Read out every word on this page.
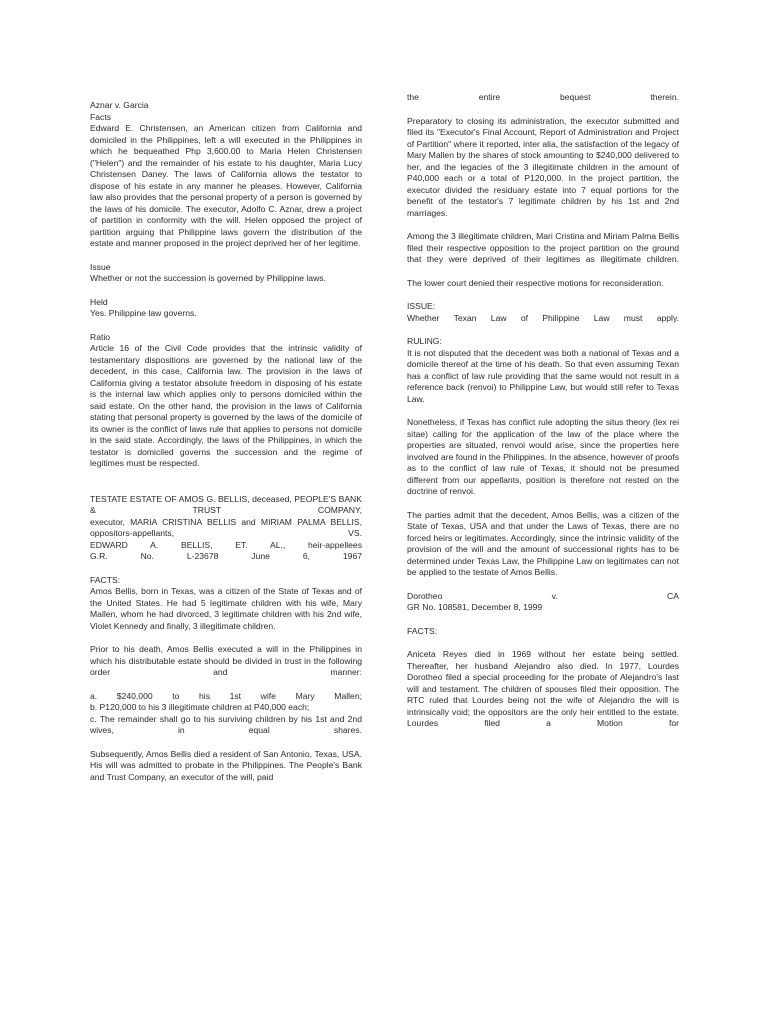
Aznar v. Garcia

Facts

Edward E. Christensen, an American citizen from California and domiciled in the Philippines, left a will executed in the Philippines in which he bequeathed Php 3,600.00 to Maria Helen Christensen ("Helen") and the remainder of his estate to his daughter, Maria Lucy Christensen Daney. The laws of California allows the testator to dispose of his estate in any manner he pleases. However, California law also provides that the personal property of a person is governed by the laws of his domicile. The executor, Adolfo C. Aznar, drew a project of partition in conformity with the will. Helen opposed the project of partition arguing that Philippine laws govern the distribution of the estate and manner proposed in the project deprived her of her legitime.

Issue

Whether or not the succession is governed by Philippine laws.

Held

Yes. Philippine law governs.

Ratio

Article 16 of the Civil Code provides that the intrinsic validity of testamentary dispositions are governed by the national law of the decedent, in this case, California law. The provision in the laws of California giving a testator absolute freedom in disposing of his estate is the internal law which applies only to persons domiciled within the said estate. On the other hand, the provision in the laws of California stating that personal property is governed by the laws of the domicile of its owner is the conflict of laws rule that applies to persons not domicile in the said state. Accordingly, the laws of the Philippines, in which the testator is domiciled governs the succession and the regime of legitimes must be respected.

TESTATE ESTATE OF AMOS G. BELLIS, deceased, PEOPLE'S BANK & TRUST COMPANY,

executor, MARIA CRISTINA BELLIS and MIRIAM PALMA BELLIS, oppositors-appellants, VS.

EDWARD A. BELLIS, ET. AL., heir-appellees

G.R. No. L-23678 June 6, 1967

FACTS:

Amos Bellis, born in Texas, was a citizen of the State of Texas and of the United States. He had 5 legitimate children with his wife, Mary Mallen, whom he had divorced, 3 legitimate children with his 2nd wife, Violet Kennedy and finally, 3 illegitimate children.

Prior to his death, Amos Bellis executed a will in the Philippines in which his distributable estate should be divided in trust in the following order and manner:

a. $240,000 to his 1st wife Mary Mallen;

b. P120,000 to his 3 illegitimate children at P40,000 each;

c. The remainder shall go to his surviving children by his 1st and 2nd wives, in equal shares.

Subsequently, Amos Bellis died a resident of San Antonio, Texas, USA. His will was admitted to probate in the Philippines. The People's Bank and Trust Company, an executor of the will, paid

the entire bequest therein.

Preparatory to closing its administration, the executor submitted and filed its "Executor's Final Account, Report of Administration and Project of Partition" where it reported, inter alia, the satisfaction of the legacy of Mary Mallen by the shares of stock amounting to $240,000 delivered to her, and the legacies of the 3 illegitimate children in the amount of P40,000 each or a total of P120,000. In the project partition, the executor divided the residuary estate into 7 equal portions for the benefit of the testator's 7 legitimate children by his 1st and 2nd marriages.

Among the 3 illegitimate children, Mari Cristina and Miriam Palma Bellis filed their respective opposition to the project partition on the ground that they were deprived of their legitimes as illegitimate children.

The lower court denied their respective motions for reconsideration.

ISSUE:

Whether Texan Law of Philippine Law must apply.

RULING:

It is not disputed that the decedent was both a national of Texas and a domicile thereof at the time of his death. So that even assuming Texan has a conflict of law rule providing that the same would not result in a reference back (renvoi) to Philippine Law, but would still refer to Texas Law.

Nonetheless, if Texas has conflict rule adopting the situs theory (lex rei sitae) calling for the application of the law of the place where the properties are situated, renvoi would arise, since the properties here involved are found in the Philippines. In the absence, however of proofs as to the conflict of law rule of Texas, it should not be presumed different from our appellants, position is therefore not rested on the doctrine of renvoi.

The parties admit that the decedent, Amos Bellis, was a citizen of the State of Texas, USA and that under the Laws of Texas, there are no forced heirs or legitimates. Accordingly, since the intrinsic validity of the provision of the will and the amount of successional rights has to be determined under Texas Law, the Philippine Law on legitimates can not be applied to the testate of Amos Bellis.

Dorotheo v. CA

GR No. 108581, December 8, 1999

FACTS:

Aniceta Reyes died in 1969 without her estate being settled. Thereafter, her husband Alejandro also died. In 1977, Lourdes Dorotheo filed a special proceeding for the probate of Alejandro's last will and testament. The children of spouses filed their opposition. The RTC ruled that Lourdes being not the wife of Alejandro the will is intrinsically void; the oppositors are the only heir entitled to the estate. Lourdes filed a Motion for
